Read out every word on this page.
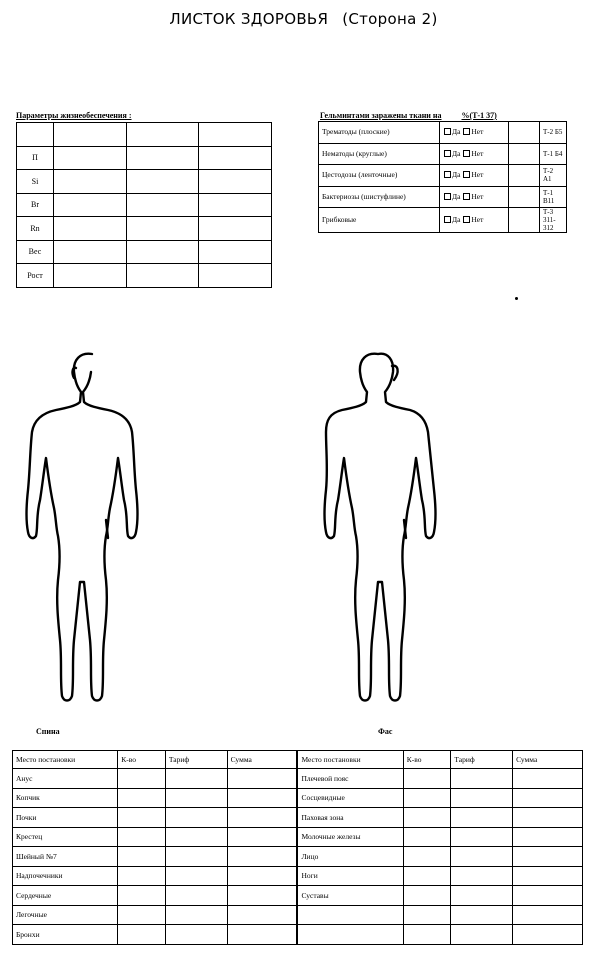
ЛИСТОК ЗДОРОВЬЯ (Сторона 2)
Параметры жизнеобеспечения :

П			
Si			
Br			
Rn			
Вес			
Рост			
Гельминтами заражены ткани на	%(Т-1 37)
Трематоды (плоские)	Да Нет		Т-2 Б5
Нематоды (круглые)	Да Нет		Т-1 Б4
Цестодозы (ленточные)	Да Нет		Т-2 А1
Бактериозы (шистуфлине)	Да Нет		Т-1 В11
Грибковые	Да Нет		Т-3 311-312
Спина	Фас
Место постановки	К-во	Тариф	Сумма	Место постановки	К-во	Тариф	Сумма
Анус				Плечевой пояс			
Копчик				Сосцевидные			
Почки				Паховая зона			
Крестец				Молочные железы			
Шейный №7				Лицо			
Надпочечники				Ноги			
Сердечные				Суставы			
Легочные							
Бронхи							
